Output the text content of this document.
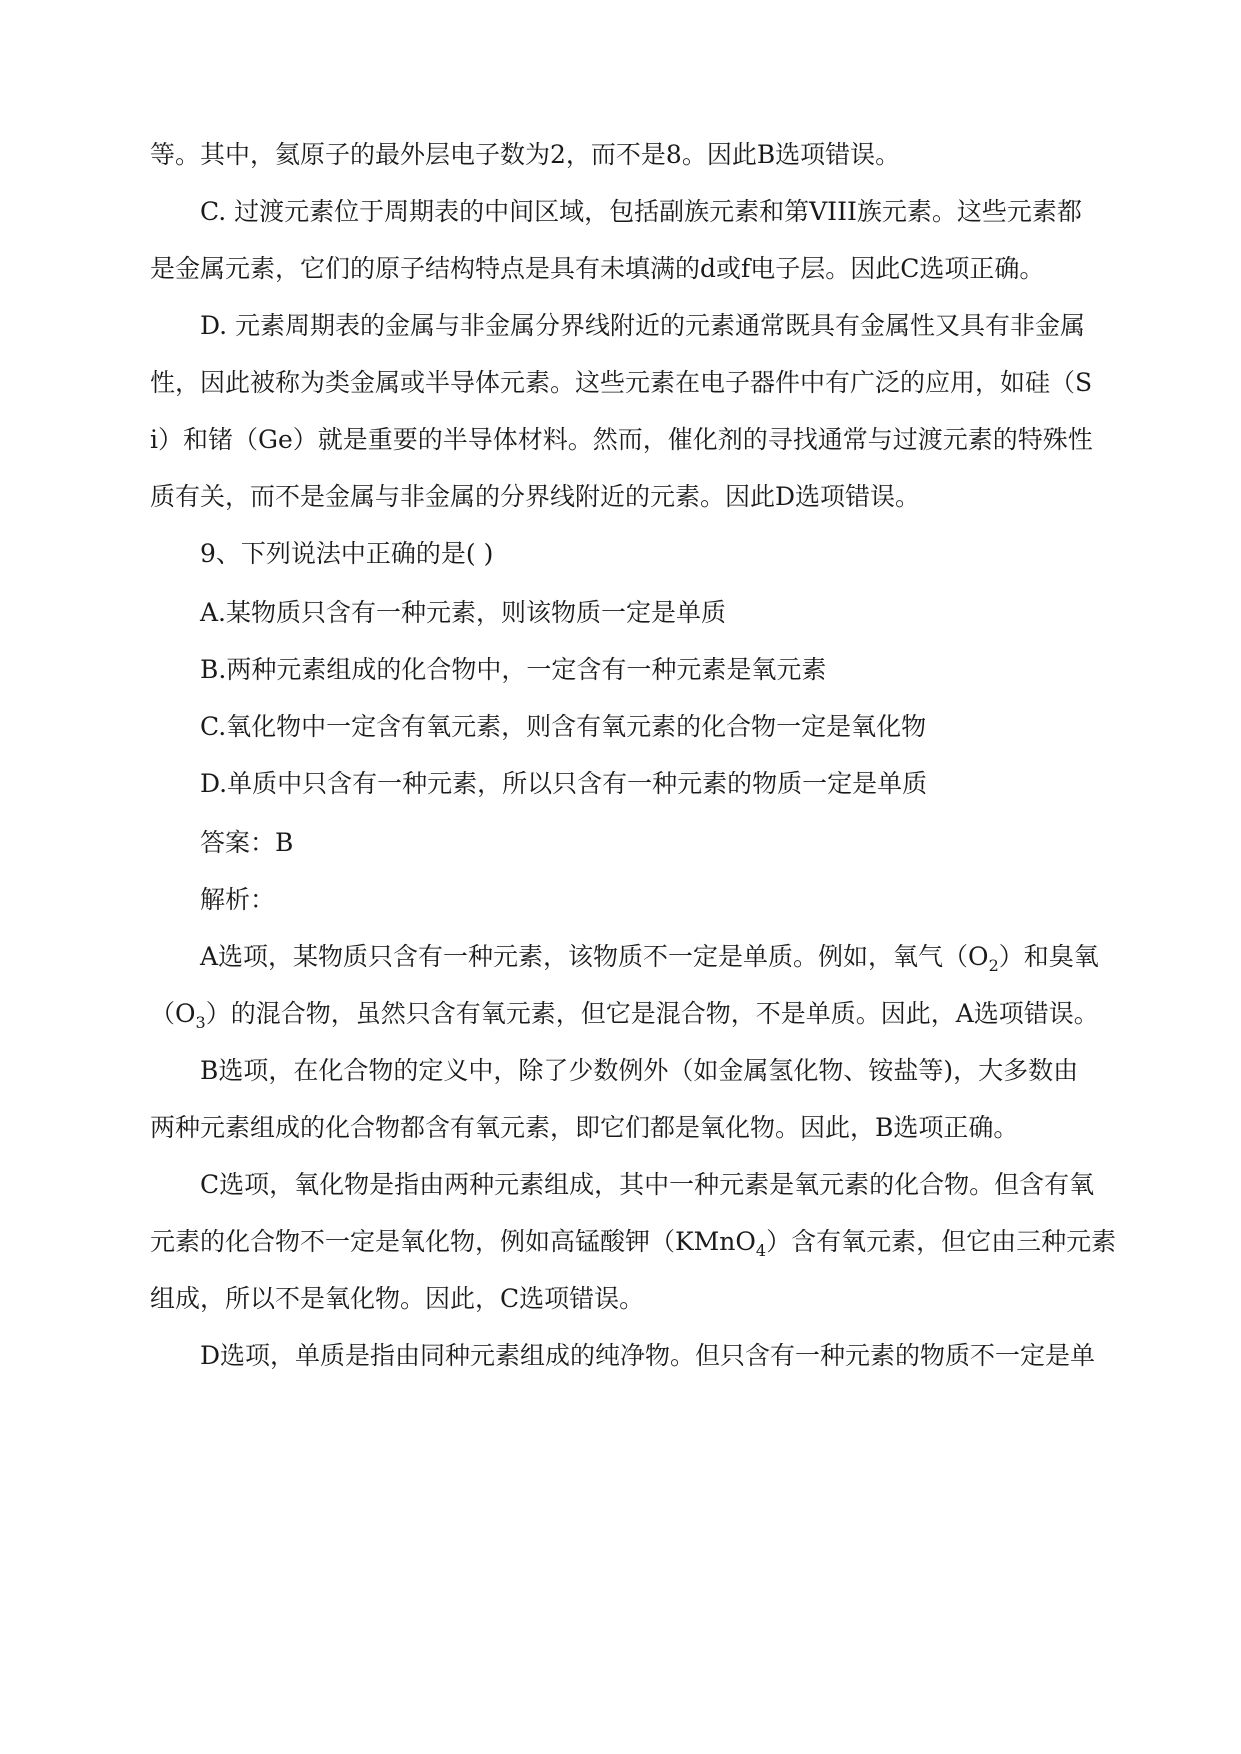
等。其中，氦原子的最外层电子数为2，而不是8。因此B选项错误。
C. 过渡元素位于周期表的中间区域，包括副族元素和第VIII族元素。这些元素都
是金属元素，它们的原子结构特点是具有未填满的d或f电子层。因此C选项正确。
D. 元素周期表的金属与非金属分界线附近的元素通常既具有金属性又具有非金属
性，因此被称为类金属或半导体元素。这些元素在电子器件中有广泛的应用，如硅（S
i）和锗（Ge）就是重要的半导体材料。然而，催化剂的寻找通常与过渡元素的特殊性
质有关，而不是金属与非金属的分界线附近的元素。因此D选项错误。
9、下列说法中正确的是( )
A.某物质只含有一种元素，则该物质一定是单质
B.两种元素组成的化合物中，一定含有一种元素是氧元素
C.氧化物中一定含有氧元素，则含有氧元素的化合物一定是氧化物
D.单质中只含有一种元素，所以只含有一种元素的物质一定是单质
答案：B
解析：
A选项，某物质只含有一种元素，该物质不一定是单质。例如，氧气$(O_2)$和臭氧
$(O_3)$的混合物，虽然只含有氧元素，但它是混合物，不是单质。因此，A选项错误。
B选项，在化合物的定义中，除了少数例外（如金属氢化物、铵盐等)，大多数由
两种元素组成的化合物都含有氧元素，即它们都是氧化物。因此，B选项正确。
C选项，氧化物是指由两种元素组成，其中一种元素是氧元素的化合物。但含有氧
元素的化合物不一定是氧化物，例如高锰酸钾（KMnO$_4$）含有氧元素，但它由三种元素
组成，所以不是氧化物。因此，C选项错误。
D选项，单质是指由同种元素组成的纯净物。但只含有一种元素的物质不一定是单
